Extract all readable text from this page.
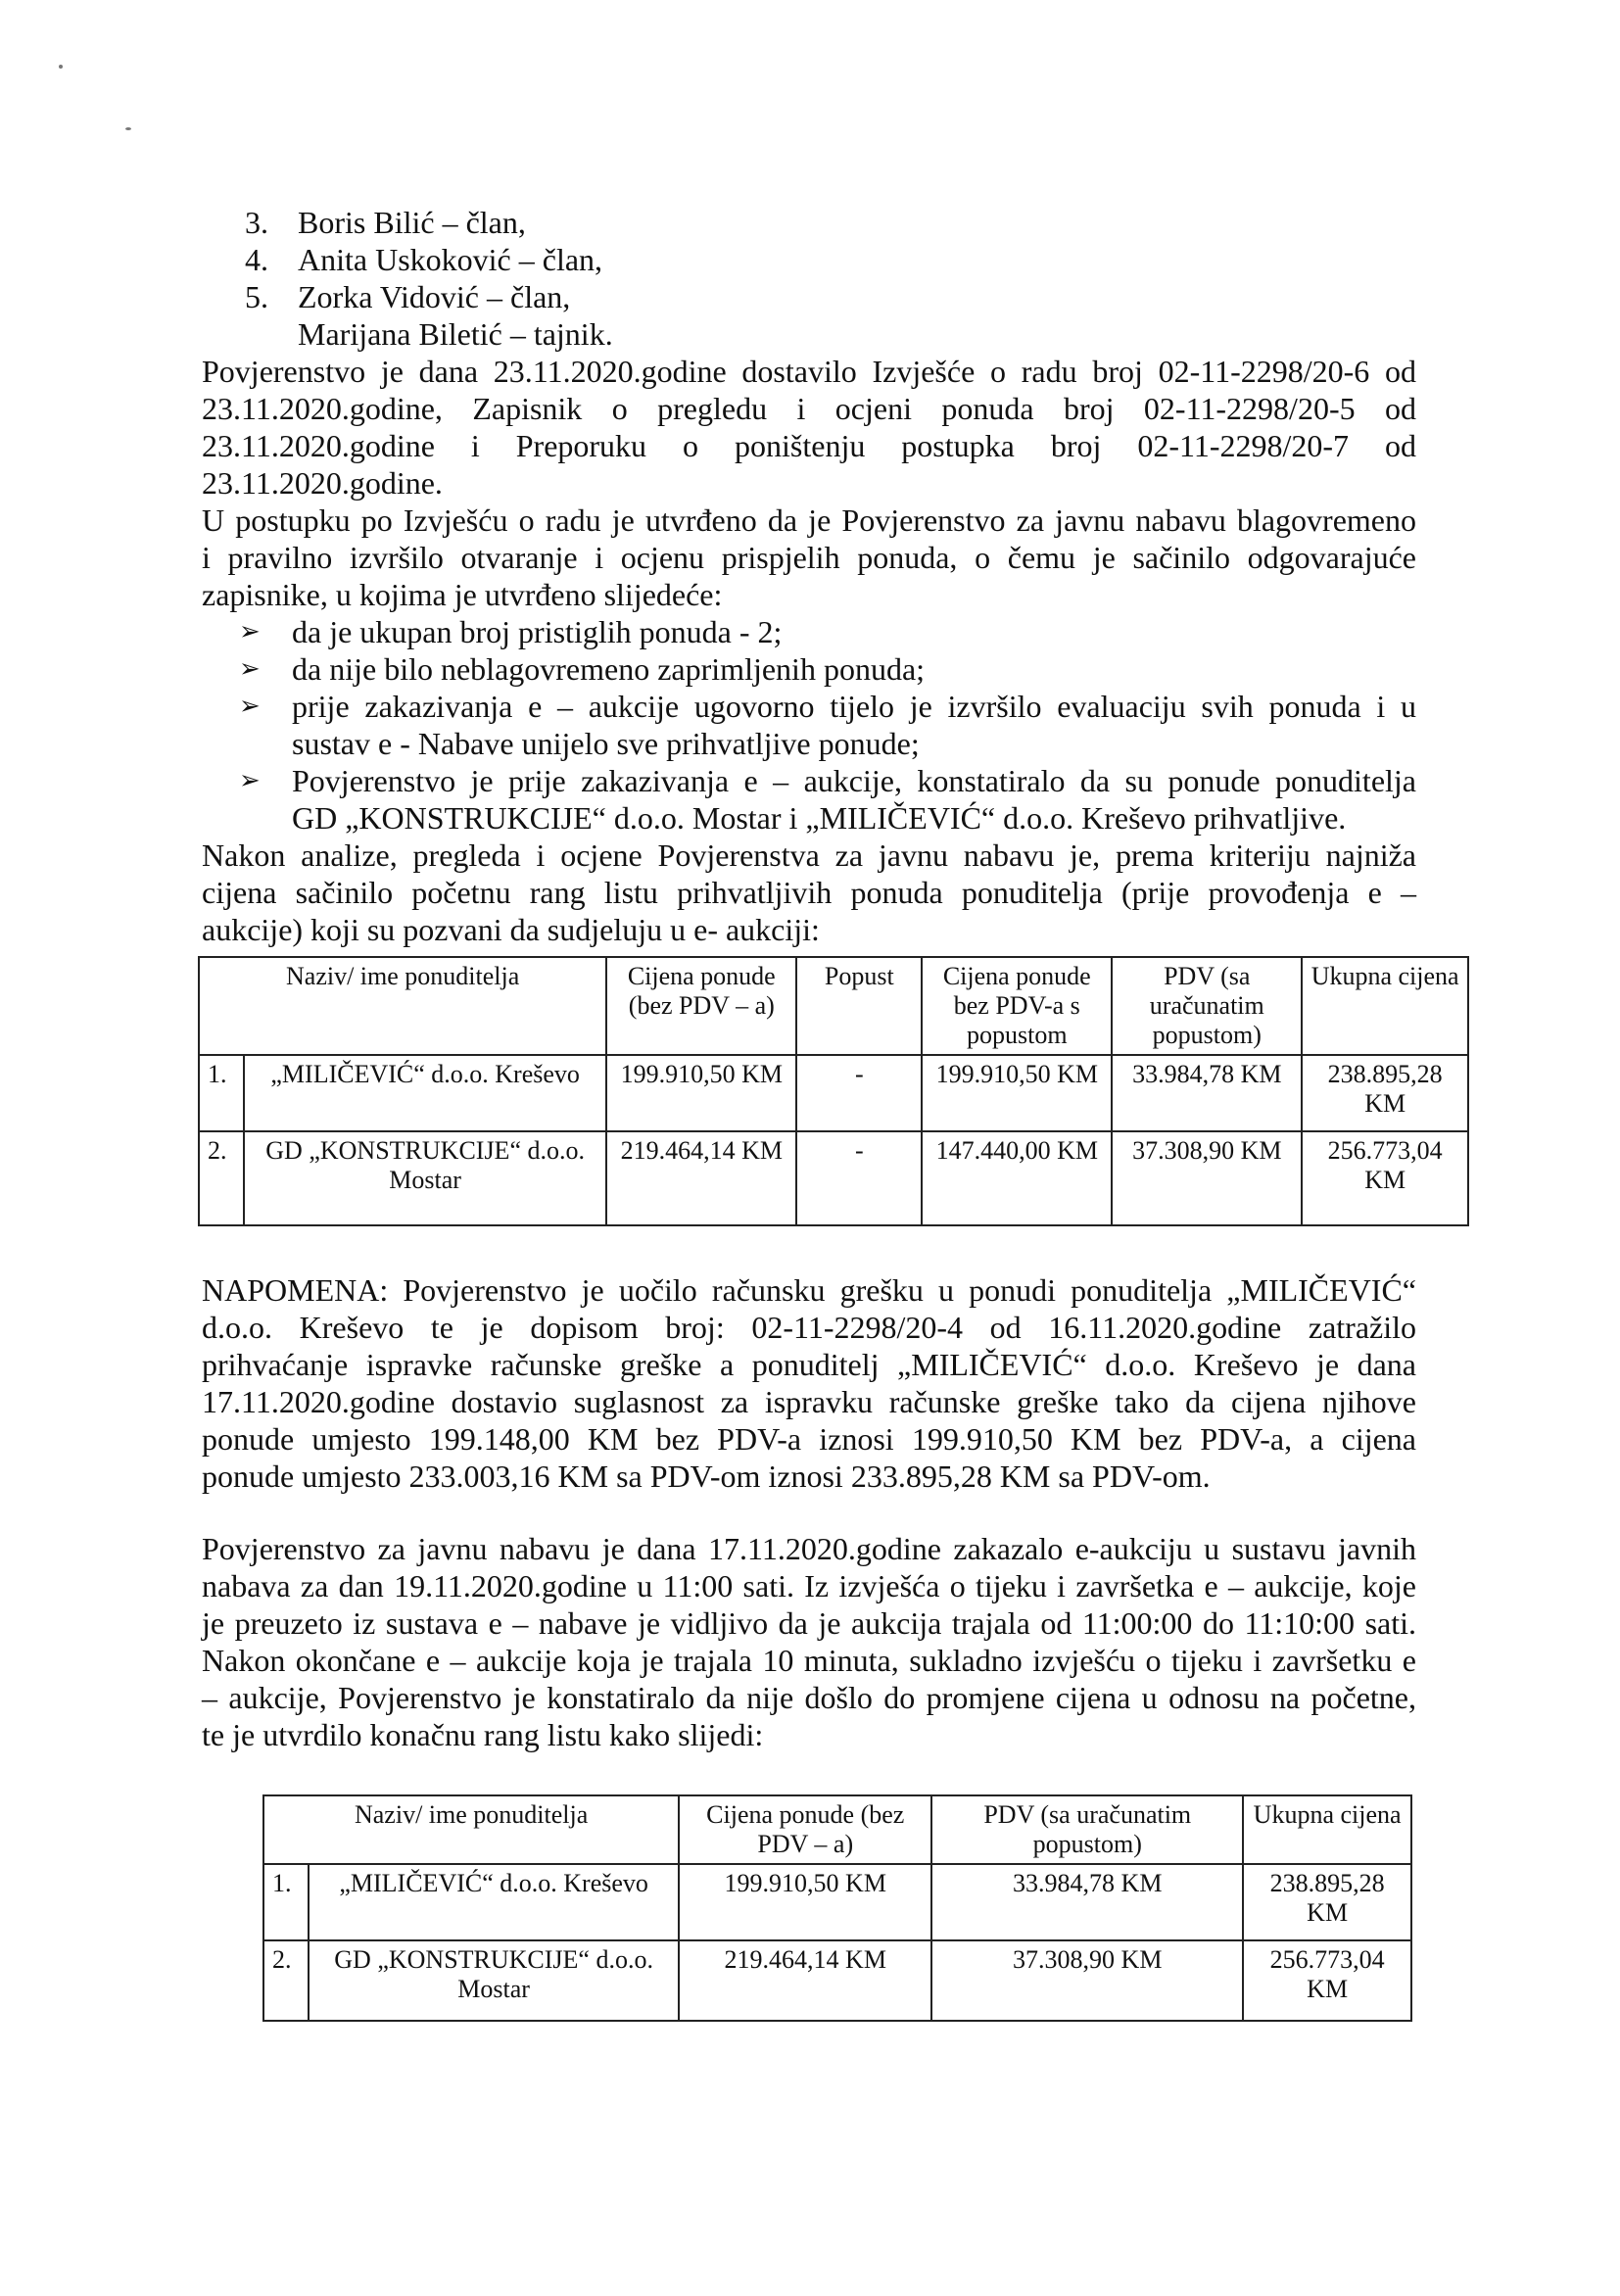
3. Boris Bilić – član,
4. Anita Uskoković – član,
5. Zorka Vidović – član,
Marijana Biletić – tajnik.

Povjerenstvo je dana 23.11.2020.godine dostavilo Izvješće o radu broj 02-11-2298/20-6 od

23.11.2020.godine, Zapisnik o pregledu i ocjeni ponuda broj 02-11-2298/20-5 od

23.11.2020.godine i Preporuku o poništenju postupka broj 02-11-2298/20-7 od

23.11.2020.godine.

U postupku po Izvješću o radu je utvrđeno da je Povjerenstvo za javnu nabavu blagovremeno

i pravilno izvršilo otvaranje i ocjenu prispjelih ponuda, o čemu je sačinilo odgovarajuće

zapisnike, u kojima je utvrđeno slijedeće:

➢	da je ukupan broj pristiglih ponuda - 2;
➢	da nije bilo neblagovremeno zaprimljenih ponuda;
➢	prije zakazivanja e – aukcije ugovorno tijelo je izvršilo evaluaciju svih ponuda i u
sustav e - Nabave unijelo sve prihvatljive ponude;
➢	Povjerenstvo je prije zakazivanja e – aukcije, konstatiralo da su ponude ponuditelja
GD „KONSTRUKCIJE“ d.o.o. Mostar i „MILIČEVIĆ“ d.o.o. Kreševo prihvatljive.

Nakon analize, pregleda i ocjene Povjerenstva za javnu nabavu je, prema kriteriju najniža

cijena sačinilo početnu rang listu prihvatljivih ponuda ponuditelja (prije provođenja e –

aukcije) koji su pozvani da sudjeluju u e- aukciji:

Naziv/ ime ponuditelja		Cijena ponude (bez PDV – a)	Popust	Cijena ponude bez PDV-a s popustom	PDV (sa uračunatim popustom)	Ukupna cijena
1.	„MILIČEVIĆ“ d.o.o. Kreševo	199.910,50 KM	-	199.910,50 KM	33.984,78 KM	238.895,28 KM
2.	GD „KONSTRUKCIJE“ d.o.o. Mostar	219.464,14 KM	-	147.440,00 KM	37.308,90 KM	256.773,04 KM

NAPOMENA: Povjerenstvo je uočilo računsku grešku u ponudi ponuditelja „MILIČEVIĆ“

d.o.o. Kreševo te je dopisom broj: 02-11-2298/20-4 od 16.11.2020.godine zatražilo

prihvaćanje ispravke računske greške a ponuditelj „MILIČEVIĆ“ d.o.o. Kreševo je dana

17.11.2020.godine dostavio suglasnost za ispravku računske greške tako da cijena njihove

ponude umjesto 199.148,00 KM bez PDV-a iznosi 199.910,50 KM bez PDV-a, a cijena

ponude umjesto 233.003,16 KM sa PDV-om iznosi 233.895,28 KM sa PDV-om.

Povjerenstvo za javnu nabavu je dana 17.11.2020.godine zakazalo e-aukciju u sustavu javnih

nabava za dan 19.11.2020.godine u 11:00 sati. Iz izvješća o tijeku i završetka e – aukcije, koje

je preuzeto iz sustava e – nabave je vidljivo da je aukcija trajala od 11:00:00 do 11:10:00 sati.

Nakon okončane e – aukcije koja je trajala 10 minuta, sukladno izvješću o tijeku i završetku e

– aukcije, Povjerenstvo je konstatiralo da nije došlo do promjene cijena u odnosu na početne,

te je utvrdilo konačnu rang listu kako slijedi:

Naziv/ ime ponuditelja		Cijena ponude (bez PDV – a)	PDV (sa uračunatim popustom)	Ukupna cijena
1.	„MILIČEVIĆ“ d.o.o. Kreševo	199.910,50 KM	33.984,78 KM	238.895,28 KM
2.	GD „KONSTRUKCIJE“ d.o.o. Mostar	219.464,14 KM	37.308,90 KM	256.773,04 KM
